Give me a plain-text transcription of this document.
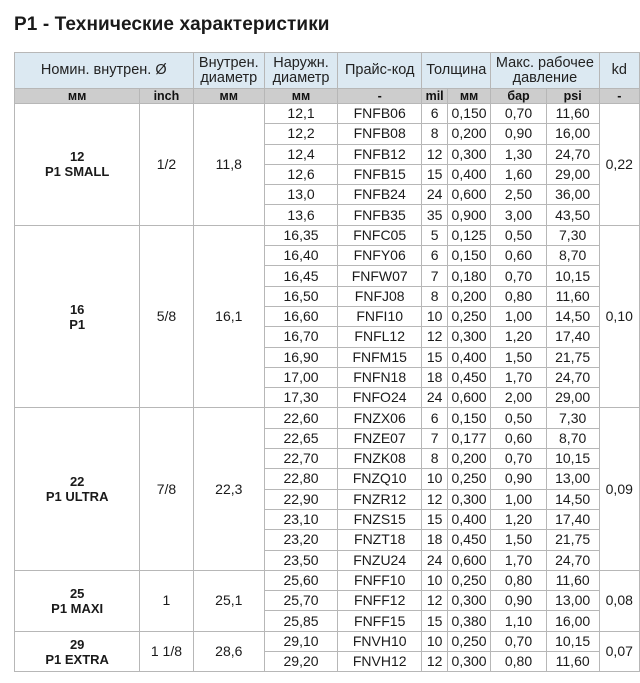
P1 - Технические характеристики
Номин. внутрен. Ø		Внутрен. диаметр	Наружн. диаметр	Прайс-код	Толщина		Макс. рабочее давление		kd
мм	inch	мм	мм	-	mil	мм	бар	psi	-
12
P1 SMALL	1/2	11,8	12,1	FNFB06	6	0,150	0,70	11,60	0,22
			12,2	FNFB08	8	0,200	0,90	16,00	
			12,4	FNFB12	12	0,300	1,30	24,70	
			12,6	FNFB15	15	0,400	1,60	29,00	
			13,0	FNFB24	24	0,600	2,50	36,00	
			13,6	FNFB35	35	0,900	3,00	43,50	
16
P1	5/8	16,1	16,35	FNFC05	5	0,125	0,50	7,30	0,10
			16,40	FNFY06	6	0,150	0,60	8,70	
			16,45	FNFW07	7	0,180	0,70	10,15	
			16,50	FNFJ08	8	0,200	0,80	11,60	
			16,60	FNFI10	10	0,250	1,00	14,50	
			16,70	FNFL12	12	0,300	1,20	17,40	
			16,90	FNFM15	15	0,400	1,50	21,75	
			17,00	FNFN18	18	0,450	1,70	24,70	
			17,30	FNFO24	24	0,600	2,00	29,00	
22
P1 ULTRA	7/8	22,3	22,60	FNZX06	6	0,150	0,50	7,30	0,09
			22,65	FNZE07	7	0,177	0,60	8,70	
			22,70	FNZK08	8	0,200	0,70	10,15	
			22,80	FNZQ10	10	0,250	0,90	13,00	
			22,90	FNZR12	12	0,300	1,00	14,50	
			23,10	FNZS15	15	0,400	1,20	17,40	
			23,20	FNZT18	18	0,450	1,50	21,75	
			23,50	FNZU24	24	0,600	1,70	24,70	
25
P1 MAXI	1	25,1	25,60	FNFF10	10	0,250	0,80	11,60	0,08
			25,70	FNFF12	12	0,300	0,90	13,00	
			25,85	FNFF15	15	0,380	1,10	16,00	
29
P1 EXTRA	1 1/8	28,6	29,10	FNVH10	10	0,250	0,70	10,15	0,07
			29,20	FNVH12	12	0,300	0,80	11,60	
